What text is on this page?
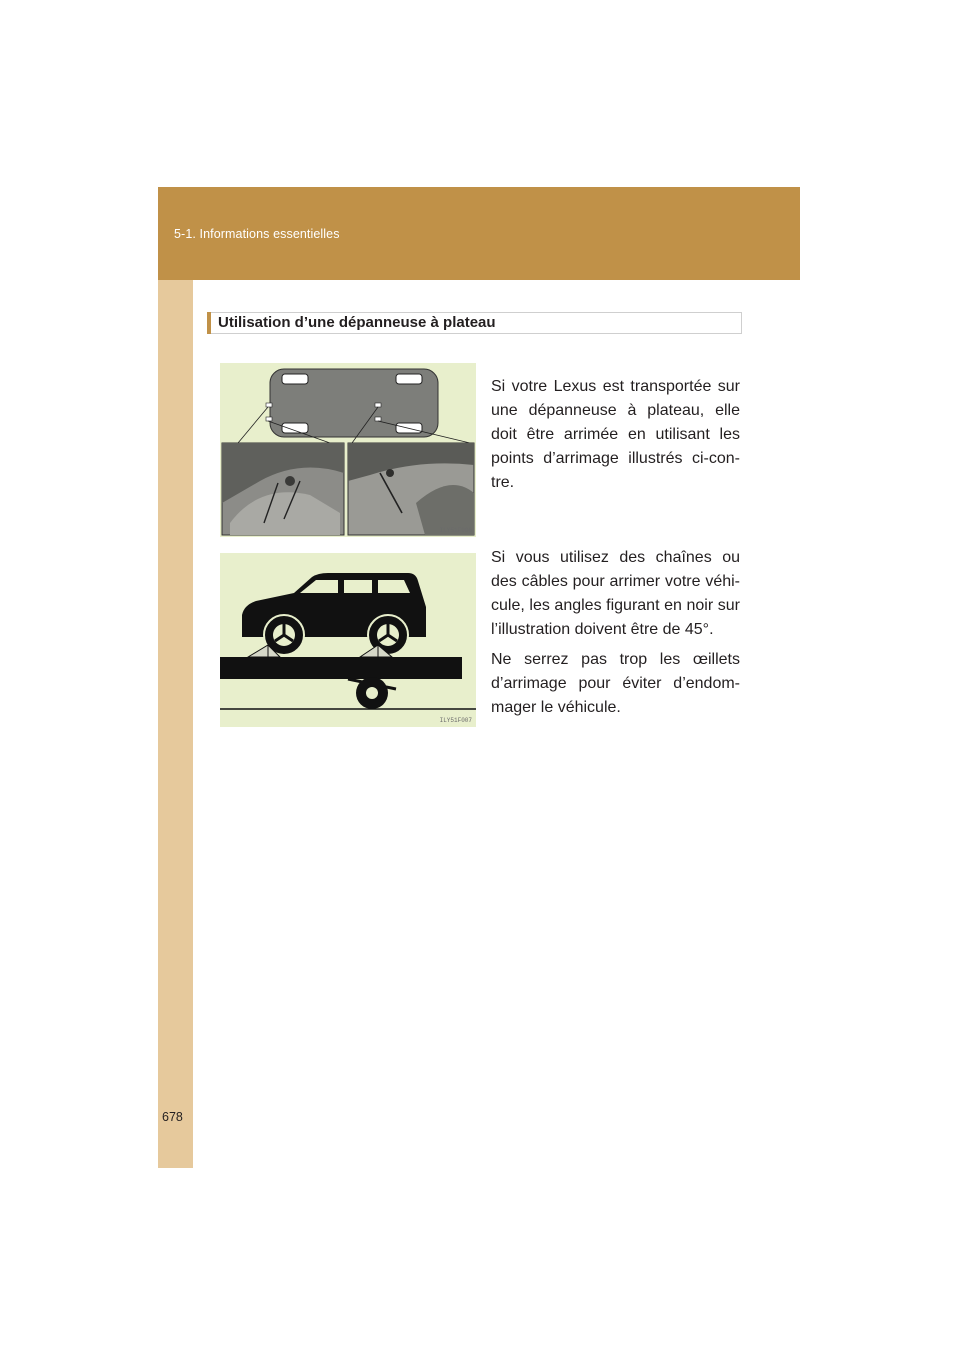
5-1. Informations essentielles
678
Utilisation d’une dépanneuse à plateau
ILY51F006
ILY51F007

Si votre Lexus est transportée sur une dépanneuse à plateau, elle doit être arrimée en utilisant les points d’arrimage illustrés ci-con-tre.

Si vous utilisez des chaînes ou des câbles pour arrimer votre véhi-cule, les angles figurant en noir sur l’illustration doivent être de 45°.

Ne serrez pas trop les œillets d’arrimage pour éviter d’endom-mager le véhicule.
